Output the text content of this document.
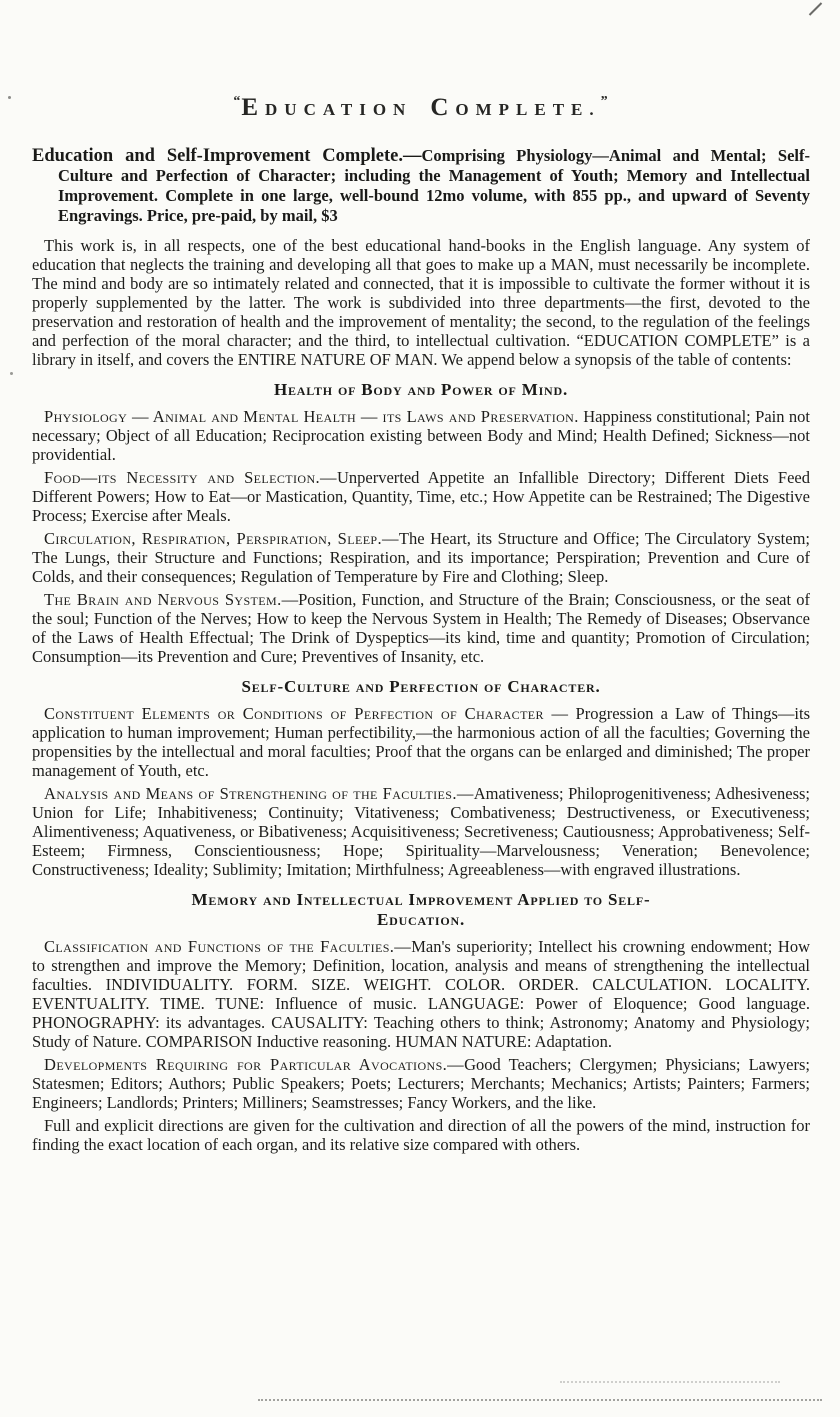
“EDUCATION COMPLETE.”

Education and Self-Improvement Complete.—Comprising Physiology—Animal and Mental; Self-Culture and Perfection of Character; including the Management of Youth; Memory and Intellectual Improvement. Complete in one large, well-bound 12mo volume, with 855 pp., and upward of Seventy Engravings. Price, pre-paid, by mail, $3

This work is, in all respects, one of the best educational hand-books in the English language. Any system of education that neglects the training and developing all that goes to make up a MAN, must necessarily be incomplete. The mind and body are so intimately related and connected, that it is impossible to cultivate the former without it is properly supplemented by the latter. The work is subdivided into three departments—the first, devoted to the preservation and restoration of health and the improvement of mentality; the second, to the regulation of the feelings and perfection of the moral character; and the third, to intellectual cultivation. “EDUCATION COMPLETE” is a library in itself, and covers the ENTIRE NATURE OF MAN. We append below a synopsis of the table of contents:

Health of Body and Power of Mind.

Physiology — Animal and Mental Health — its Laws and Preservation. Happiness constitutional; Pain not necessary; Object of all Education; Reciprocation existing between Body and Mind; Health Defined; Sickness—not providential.

Food—its Necessity and Selection.—Unperverted Appetite an Infallible Directory; Different Diets Feed Different Powers; How to Eat—or Mastication, Quantity, Time, etc.; How Appetite can be Restrained; The Digestive Process; Exercise after Meals.

Circulation, Respiration, Perspiration, Sleep.—The Heart, its Structure and Office; The Circulatory System; The Lungs, their Structure and Functions; Respiration, and its importance; Perspiration; Prevention and Cure of Colds, and their consequences; Regulation of Temperature by Fire and Clothing; Sleep.

The Brain and Nervous System.—Position, Function, and Structure of the Brain; Consciousness, or the seat of the soul; Function of the Nerves; How to keep the Nervous System in Health; The Remedy of Diseases; Observance of the Laws of Health Effectual; The Drink of Dyspeptics—its kind, time and quantity; Promotion of Circulation; Consumption—its Prevention and Cure; Preventives of Insanity, etc.

Self-Culture and Perfection of Character.

Constituent Elements or Conditions of Perfection of Character — Progression a Law of Things—its application to human improvement; Human perfectibility,—the harmonious action of all the faculties; Governing the propensities by the intellectual and moral faculties; Proof that the organs can be enlarged and diminished; The proper management of Youth, etc.

Analysis and Means of Strengthening of the Faculties.—Amativeness; Philoprogenitiveness; Adhesiveness; Union for Life; Inhabitiveness; Continuity; Vitativeness; Combativeness; Destructiveness, or Executiveness; Alimentiveness; Aquativeness, or Bibativeness; Acquisitiveness; Secretiveness; Cautiousness; Approbativeness; Self-Esteem; Firmness, Conscientiousness; Hope; Spirituality—Marvelousness; Veneration; Benevolence; Constructiveness; Ideality; Sublimity; Imitation; Mirthfulness; Agreeableness—with engraved illustrations.

Memory and Intellectual Improvement Applied to Self-
Education.

Classification and Functions of the Faculties.—Man's superiority; Intellect his crowning endowment; How to strengthen and improve the Memory; Definition, location, analysis and means of strengthening the intellectual faculties. INDIVIDUALITY. FORM. SIZE. WEIGHT. COLOR. ORDER. CALCULATION. LOCALITY. EVENTUALITY. TIME. TUNE: Influence of music. LANGUAGE: Power of Eloquence; Good language. PHONOGRAPHY: its advantages. CAUSALITY: Teaching others to think; Astronomy; Anatomy and Physiology; Study of Nature. COMPARISON Inductive reasoning. HUMAN NATURE: Adaptation.

Developments Requiring for Particular Avocations.—Good Teachers; Clergymen; Physicians; Lawyers; Statesmen; Editors; Authors; Public Speakers; Poets; Lecturers; Merchants; Mechanics; Artists; Painters; Farmers; Engineers; Landlords; Printers; Milliners; Seamstresses; Fancy Workers, and the like.

Full and explicit directions are given for the cultivation and direction of all the powers of the mind, instruction for finding the exact location of each organ, and its relative size compared with others.
